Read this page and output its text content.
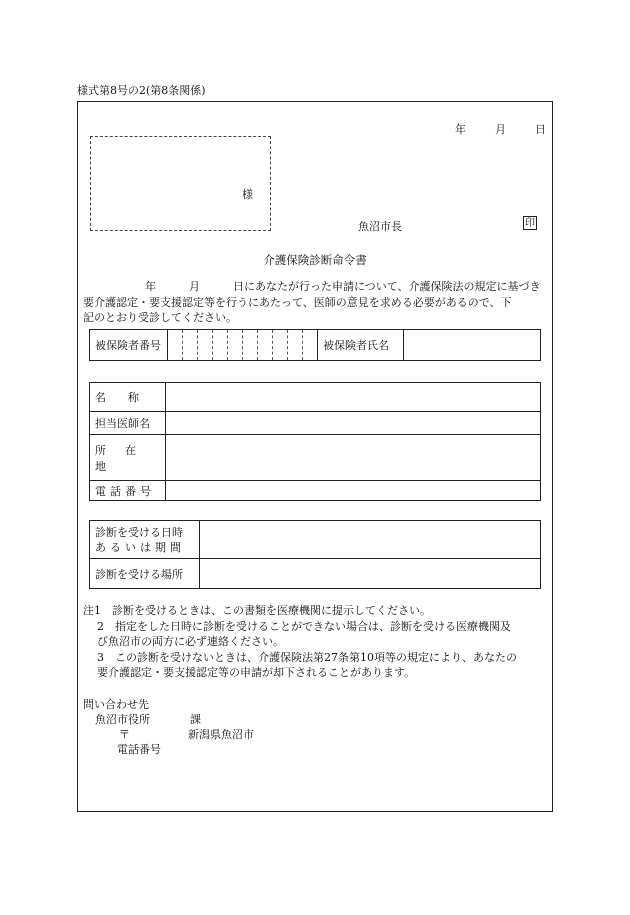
様式第8号の2(第8条関係)
年	月	日
様
魚沼市長	印
介護保険診断命令書
年	月	日にあなたが行った申請について、介護保険法の規定に基づき
要介護認定・要支援認定等を行うにあたって、医師の意見を求める必要があるので、下
記のとおり受診してください。
被保険者番号		被保険者氏名	
名　　称	
担当医師名	
所　在　地	
電話番号	
診断を受ける日時
あるいは期間	

診断を受ける場所	
注1　診断を受けるときは、この書類を医療機関に提示してください。
2　指定をした日時に診断を受けることができない場合は、診断を受ける医療機関及
び魚沼市の両方に必ず連絡ください。
3　この診断を受けないときは、介護保険法第27条第10項等の規定により、あなたの
要介護認定・要支援認定等の申請が却下されることがあります。
問い合わせ先
魚沼市役所	課
〒	新潟県魚沼市
電話番号
